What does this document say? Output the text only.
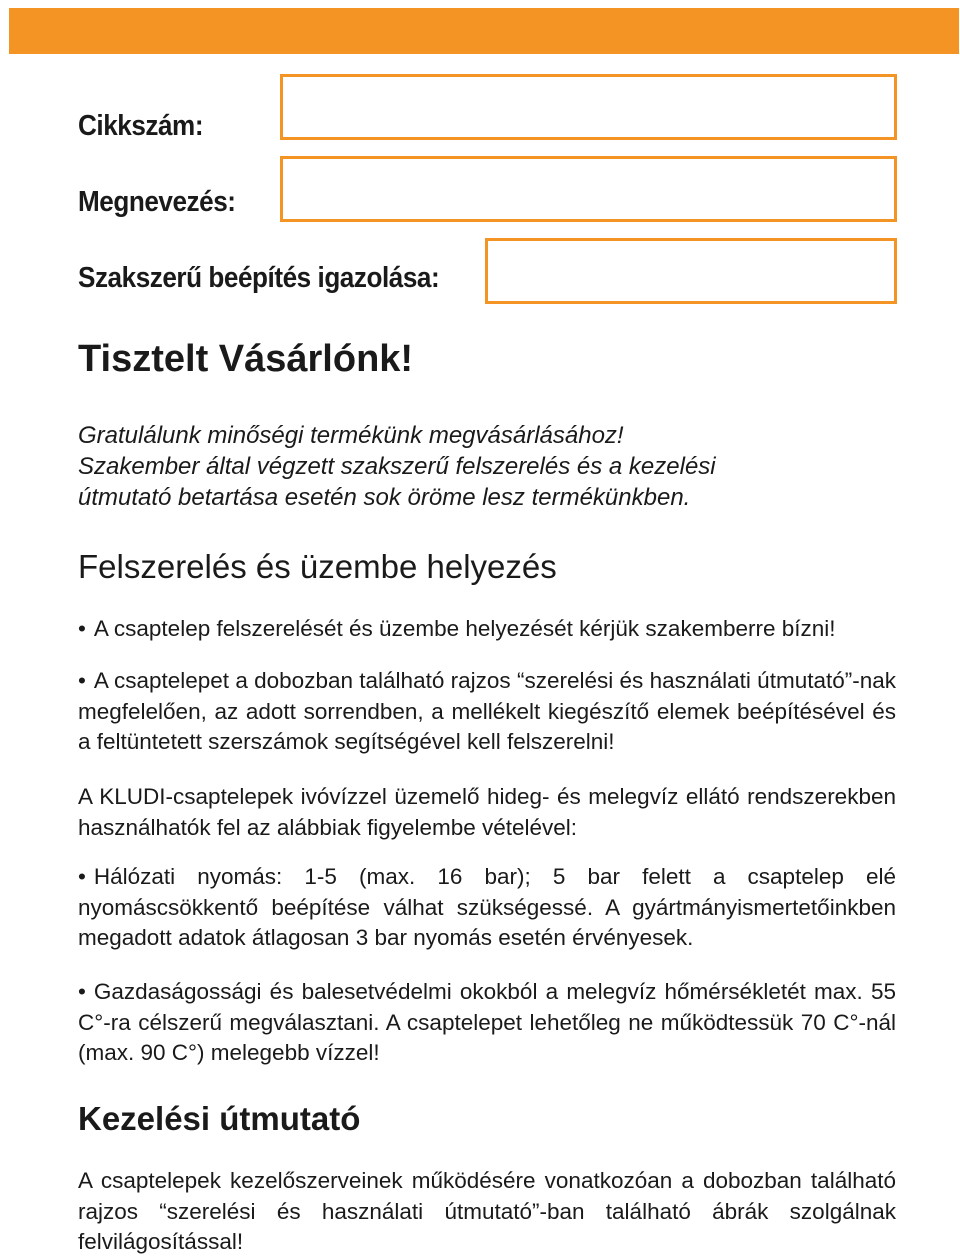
Cikkszám:
Megnevezés:
Szakszerű beépítés igazolása:
Tisztelt Vásárlónk!
Gratulálunk minőségi termékünk megvásárlásához!
Szakember által végzett szakszerű felszerelés és a kezelési
útmutató betartása esetén sok öröme lesz termékünkben.
Felszerelés és üzembe helyezés
• A csaptelep felszerelését és üzembe helyezését kérjük szakemberre bízni!
• A csaptelepet a dobozban található rajzos “szerelési és használati útmutató”-nak megfelelően, az adott sorrendben, a mellékelt kiegészítő elemek beépítésével és a feltüntetett szerszámok segítségével kell felszerelni!
A KLUDI-csaptelepek ivóvízzel üzemelő hideg- és melegvíz ellátó rendszerekben használhatók fel az alábbiak figyelembe vételével:
• Hálózati nyomás: 1-5 (max. 16 bar); 5 bar felett a csaptelep elé nyomáscsökkentő beépítése válhat szükségessé. A gyártmányismertetőinkben megadott adatok átlagosan 3 bar nyomás esetén érvényesek.
• Gazdaságossági és balesetvédelmi okokból a melegvíz hőmérsékletét max. 55 C°-ra célszerű megválasztani. A csaptelepet lehetőleg ne működtessük 70 C°-nál (max. 90 C°) melegebb vízzel!
Kezelési útmutató
A csaptelepek kezelőszerveinek működésére vonatkozóan a dobozban található rajzos “szerelési és használati útmutató”-ban található ábrák szolgálnak felvilágosítással!
